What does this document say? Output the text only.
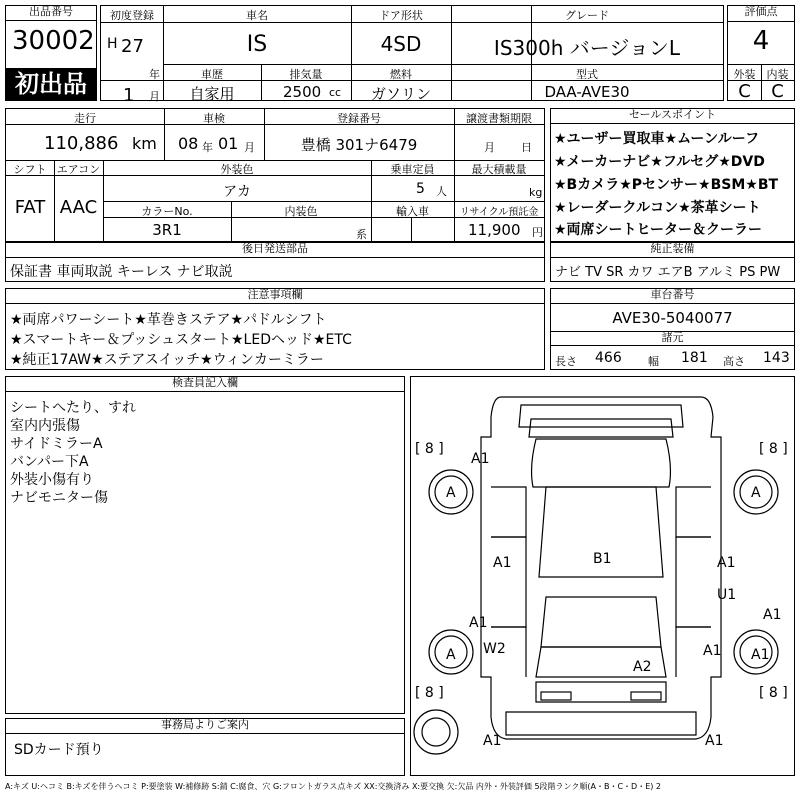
出品番号
30002
初出品
初度登録
H 27
年
1 月
車名
IS
ドア形状
4SD
グレード
IS300h バージョンL
車歴
自家用
排気量
2500 cc
燃料
ガソリン
型式
DAA-AVE30
評価点
4
外装	内装
C	C
走行
110,886 km
車検
08 年 01 月
登録番号
豊橋 301ナ6479
譲渡書類期限
月 日
シフト
FAT
エアコン
AAC
外装色
アカ
乗車定員
5 人
最大積載量
kg
カラーNo.
3R1
内装色
系
輸入車	リサイクル預託金
11,900 円
セールスポイント
★ユーザー買取車★ムーンルーフ
★メーカーナビ★フルセグ★DVD
★Bカメラ★Pセンサー★BSM★BT
★レーダークルコン★茶革シート
★両席シートヒーター＆クーラー
後日発送部品
保証書 車両取説 キーレス ナビ取説
純正装備
ナビ TV SR カワ エアB アルミ PS PW
注意事項欄
★両席パワーシート★革巻きステア★パドルシフト
★スマートキー＆プッシュスタート★LEDヘッド★ETC
★純正17AW★ステアスイッチ★ウィンカーミラー
車台番号
AVE30-5040077
諸元
長さ 466 幅 181 高さ 143
検査員記入欄
シートへたり、すれ
室内内張傷
サイドミラーA
バンパー下A
外装小傷有り
ナビモニター傷
事務局よりご案内
SDカード預り
[ 8 ]	[ 8 ]
[ 8 ]	[ 8 ]
A1
A	A
A1	B1	A1
U1
A1
W2
A
A1
A1
A2
A1
A1	A1
A:キズ U:ヘコミ B:キズを伴うヘコミ P:要塗装 W:補修跡 S:錆 C:腐食、穴 G:フロントガラス点キズ XX:交換済み X:要交換 欠:欠品 内外・外装評価 5段階ランク順(A・B・C・D・E) 2
